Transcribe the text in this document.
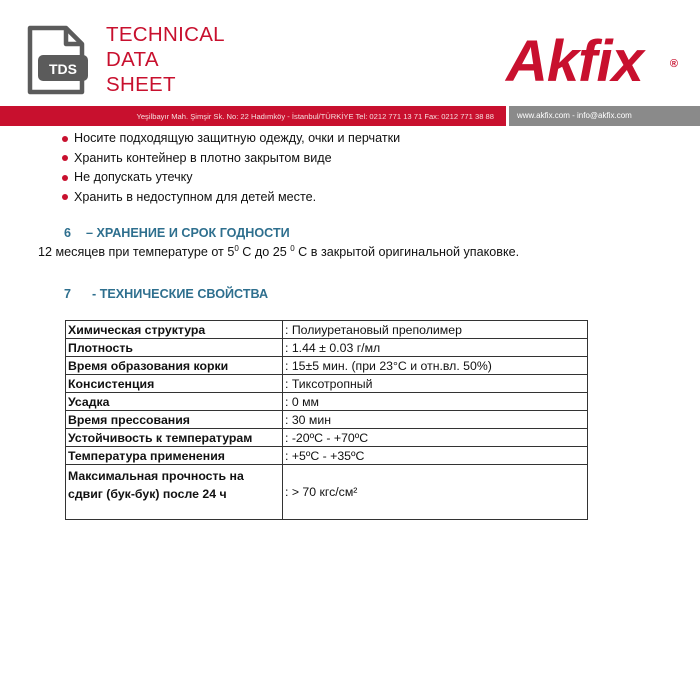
TDS
TECHNICAL
DATA
SHEET	Akfix ®
Yeşilbayır Mah. Şimşir Sk. No: 22 Hadımköy - İstanbul/TÜRKİYE Tel: 0212 771 13 71 Fax: 0212 771 38 88	www.akfix.com - info@akfix.com
Носите подходящую защитную одежду, очки и перчатки
Хранить контейнер в плотно закрытом виде
Не допускать утечку
Хранить в недоступном для детей месте.
6 – ХРАНЕНИЕ И СРОК ГОДНОСТИ
12 месяцев при температуре от $5^0$ С до 25 $^0$ С в закрытой оригинальной упаковке.
7 - ТЕХНИЧЕСКИЕ СВОЙСТВА
Химическая структура	: Полиуретановый преполимер
Плотность	: 1.44 ± 0.03 г/мл
Время образования корки	: 15±5 мин. (при 23°C и отн.вл. 50%)
Консистенция	: Тиксотропный
Усадка	: 0 мм
Время прессования	: 30 мин
Устойчивость к температурам	: -20ºC - +70ºC
Температура применения	: +5ºC - +35ºC
Максимальная прочность на сдвиг (бук-бук) после 24 ч	: > 70 кгс/см²
